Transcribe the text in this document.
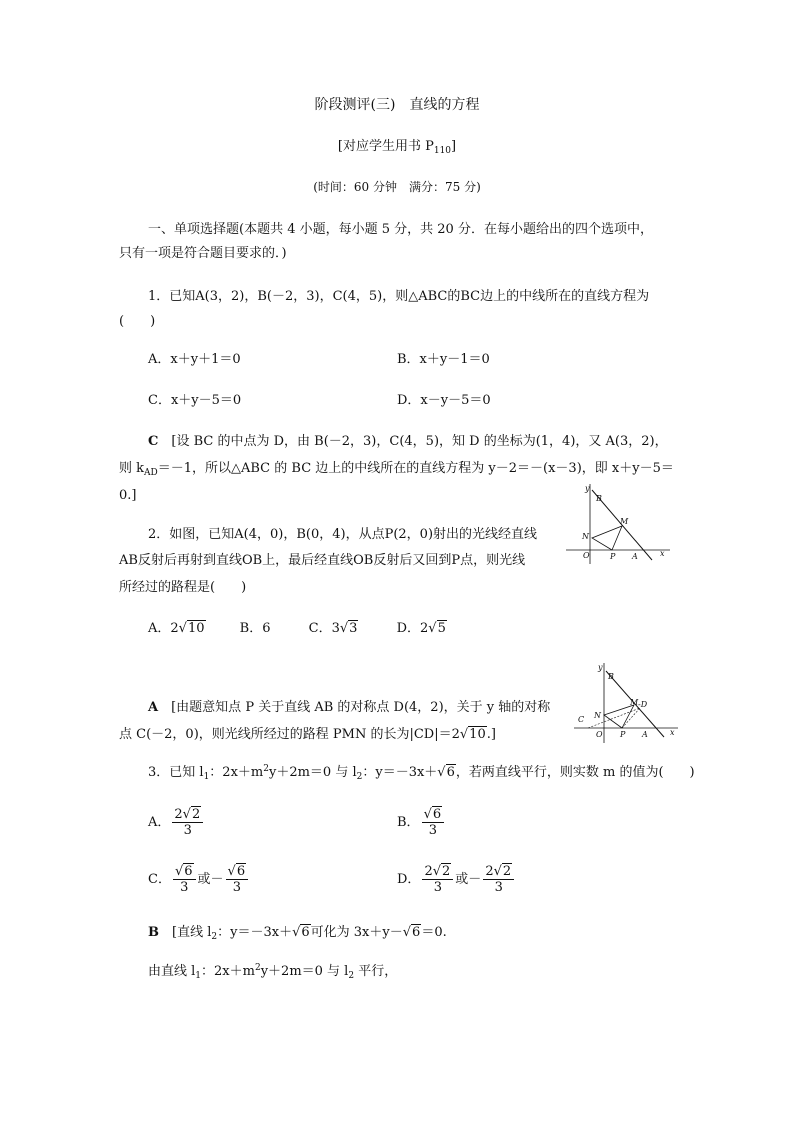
阶段测评(三)　直线的方程
[对应学生用书 $P_{110}$]
(时间：60 分钟　满分：75 分)
一、单项选择题(本题共 4 小题，每小题 5 分，共 20 分．在每小题给出的四个选项中，
只有一项是符合题目要求的．)
1．已知A(3，2)，B(－2，3)，C(4，5)，则△ABC的BC边上的中线所在的直线方程为
(　　)
A．x＋y＋1＝0	B．x＋y－1＝0
C．x＋y－5＝0	D．x－y－5＝0
C　 [设 BC 的中点为 D，由 B(－2，3)，C(4，5)，知 D 的坐标为(1，4)，又 A(3，2)，
则 $k_{AD}=-1$，所以△ABC 的 BC 边上的中线所在的直线方程为 y－2＝－(x－3)，即 x＋y－5＝
0.]
2．如图，已知A(4，0)，B(0，4)，从点P(2，0)射出的光线经直线
AB反射后再射到直线OB上，最后经直线OB反射后又回到P点，则光线
所经过的路程是(　　)
y
B
M
N
O	P A	x
A．2√10	B．6	C．3√3	D．2√5
A　 [由题意知点 P 关于直线 AB 的对称点 D(4，2)，关于 y 轴的对称
点 C(－2，0)，则光线所经过的路程 PMN 的长为|CD|＝2√10.]
y
B
M -D
C N
O P A	x
3．已知 $l_1$：$2x+m^2y+2m=0$ 与 $l_2$：y＝－3x＋√6，若两直线平行，则实数 m 的值为(　　)
A． $\frac{2√2}{3}$	B． $\frac{√6}{3}$
C． $\frac{√6}{3}$ 或－ $\frac{√6}{3}$	D． $\frac{2√2}{3}$ 或－ $\frac{2√2}{3}$
B　 [直线 $l_2$：y＝－3x＋√6可化为 3x＋y－√6＝0.
由直线 $l_1$：$2x+m^2y+2m=0$ 与 $l_2$ 平行，
